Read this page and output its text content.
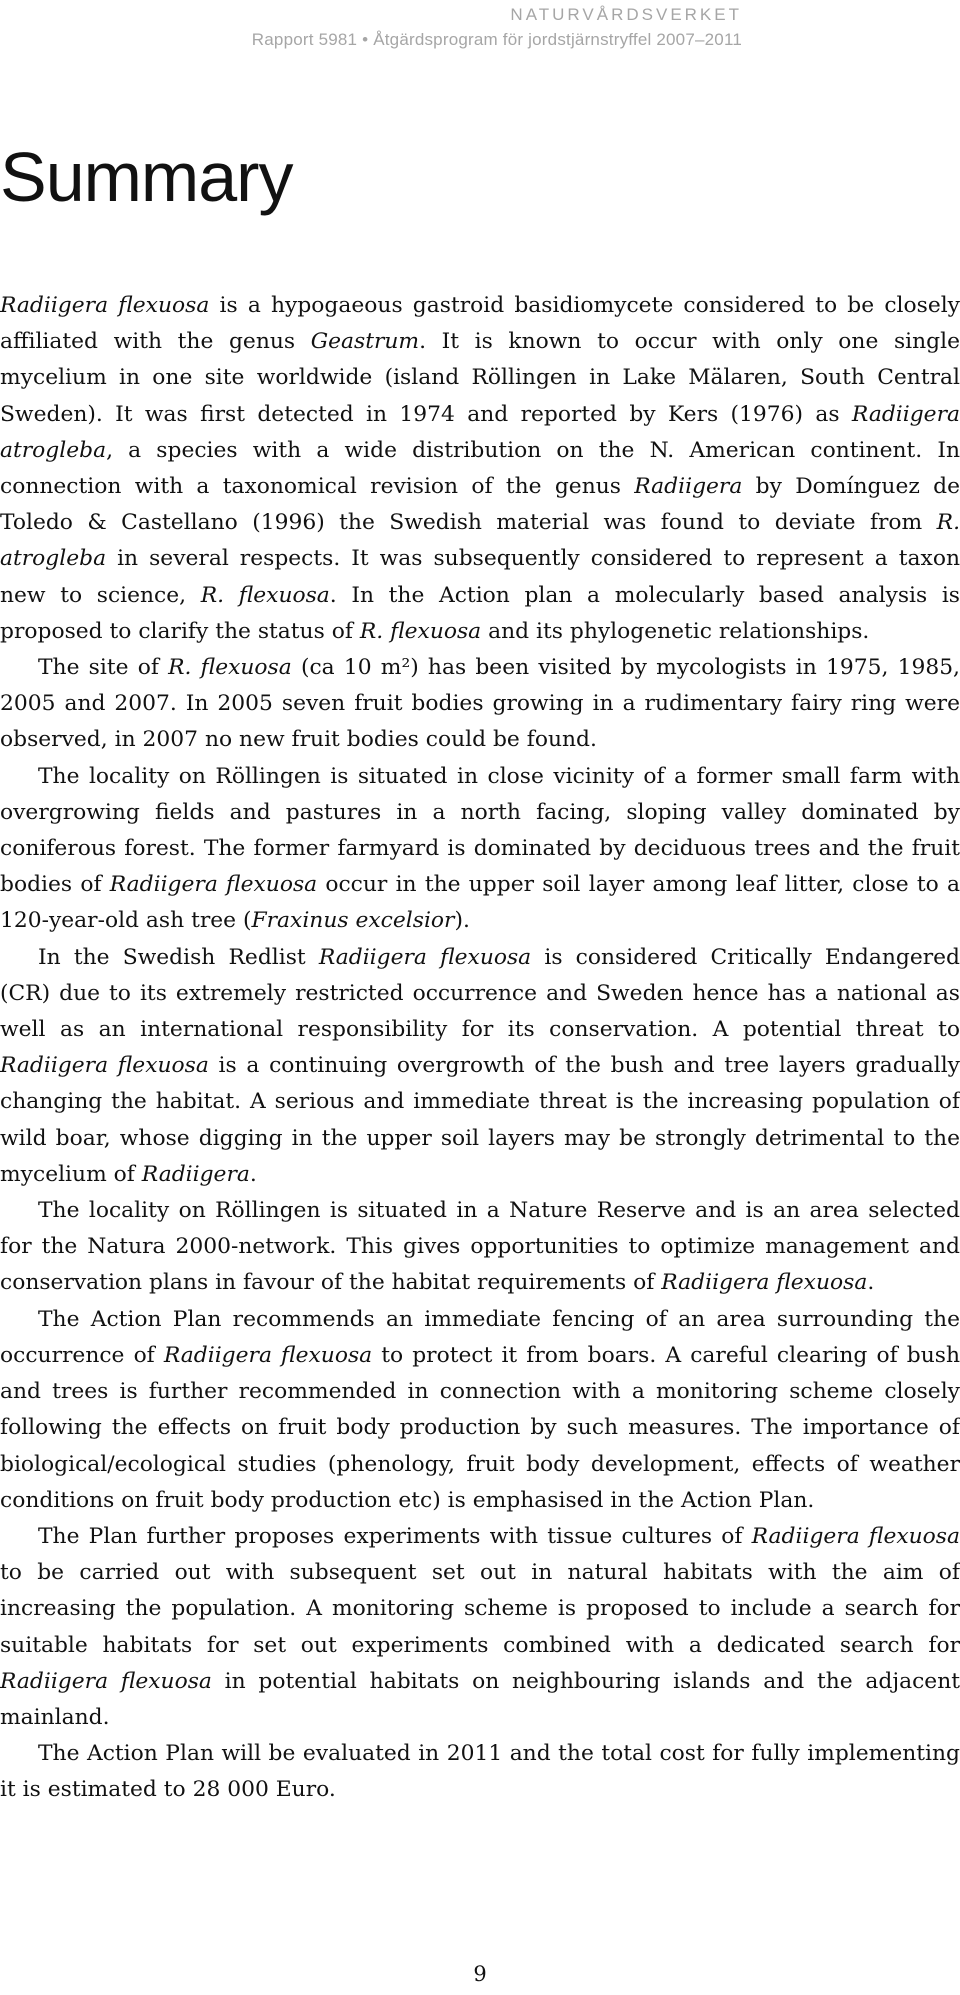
NATURVÅRDSVERKET
Rapport 5981 • Åtgärdsprogram för jordstjärnstryffel 2007–2011
Summary

Radiigera flexuosa is a hypogaeous gastroid basidiomycete considered to be closely affiliated with the genus Geastrum. It is known to occur with only one single mycelium in one site worldwide (island Röllingen in Lake Mälaren, South Central Sweden). It was first detected in 1974 and reported by Kers (1976) as Radiigera atrogleba, a species with a wide distribution on the N. American continent. In connection with a taxonomical revision of the genus Radiigera by Domínguez de Toledo & Castellano (1996) the Swedish material was found to deviate from R. atrogleba in several respects. It was subsequently considered to represent a taxon new to science, R. flexuosa. In the Action plan a molecularly based analysis is proposed to clarify the status of R. flexuosa and its phylogenetic relationships.

The site of R. flexuosa (ca 10 m²) has been visited by mycologists in 1975, 1985, 2005 and 2007. In 2005 seven fruit bodies growing in a rudimentary fairy ring were observed, in 2007 no new fruit bodies could be found.

The locality on Röllingen is situated in close vicinity of a former small farm with overgrowing fields and pastures in a north facing, sloping valley dominated by coniferous forest. The former farmyard is dominated by deciduous trees and the fruit bodies of Radiigera flexuosa occur in the upper soil layer among leaf litter, close to a 120-year-old ash tree (Fraxinus excelsior).

In the Swedish Redlist Radiigera flexuosa is considered Critically Endangered (CR) due to its extremely restricted occurrence and Sweden hence has a national as well as an international responsibility for its conservation. A potential threat to Radiigera flexuosa is a continuing overgrowth of the bush and tree layers gradually changing the habitat. A serious and immediate threat is the increasing population of wild boar, whose digging in the upper soil layers may be strongly detrimental to the mycelium of Radiigera.

The locality on Röllingen is situated in a Nature Reserve and is an area selected for the Natura 2000-network. This gives opportunities to optimize management and conservation plans in favour of the habitat requirements of Radiigera flexuosa.

The Action Plan recommends an immediate fencing of an area surrounding the occurrence of Radiigera flexuosa to protect it from boars. A careful clearing of bush and trees is further recommended in connection with a monitoring scheme closely following the effects on fruit body production by such measures. The importance of biological/ecological studies (phenology, fruit body development, effects of weather conditions on fruit body production etc) is emphasised in the Action Plan.

The Plan further proposes experiments with tissue cultures of Radiigera flexuosa to be carried out with subsequent set out in natural habitats with the aim of increasing the population. A monitoring scheme is proposed to include a search for suitable habitats for set out experiments combined with a dedicated search for Radiigera flexuosa in potential habitats on neighbouring islands and the adjacent mainland.

The Action Plan will be evaluated in 2011 and the total cost for fully implementing it is estimated to 28 000 Euro.

9
